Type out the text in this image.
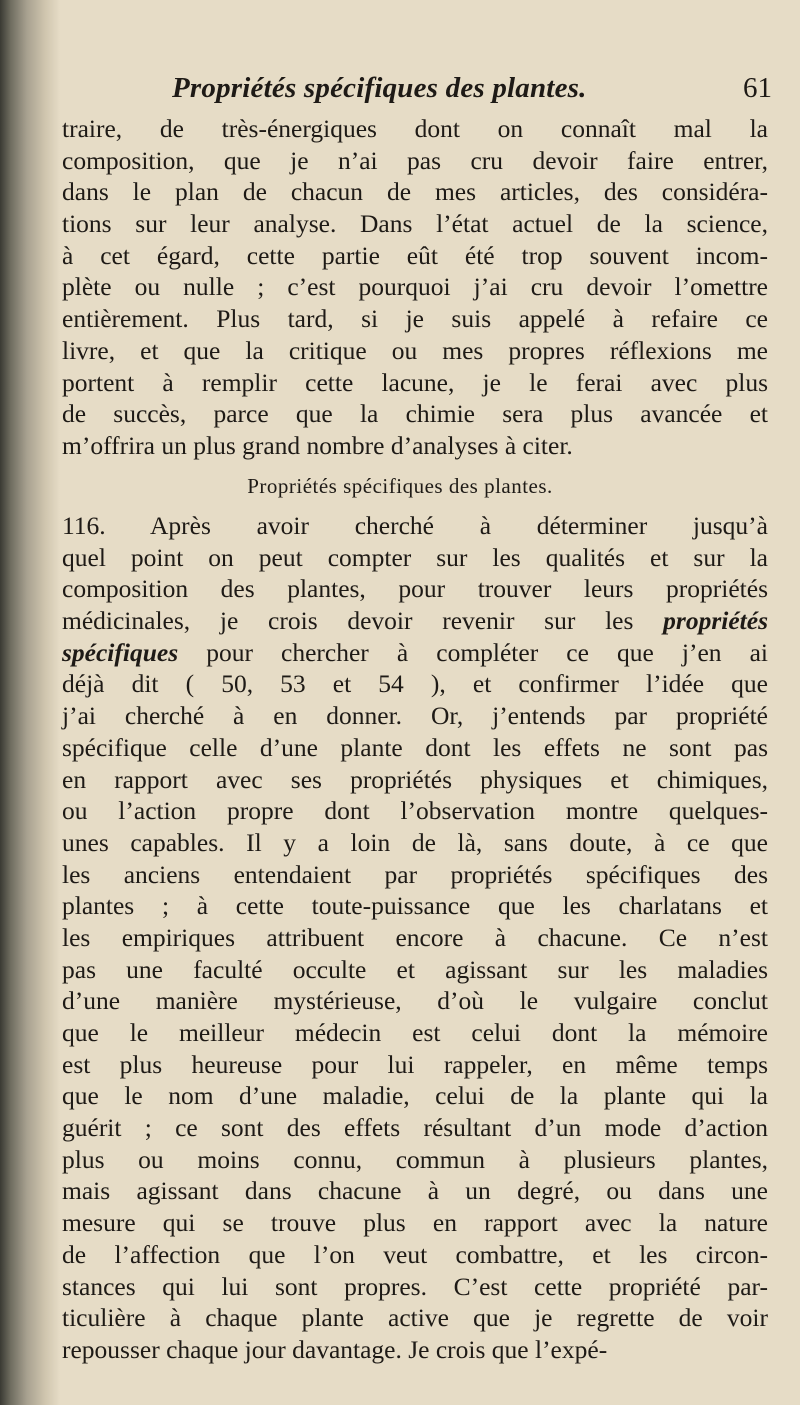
Propriétés spécifiques des plantes.	61
traire, de très-énergiques dont on connaît mal la
composition, que je n’ai pas cru devoir faire entrer,
dans le plan de chacun de mes articles, des considéra-
tions sur leur analyse. Dans l’état actuel de la science,
à cet égard, cette partie eût été trop souvent incom-
plète ou nulle ; c’est pourquoi j’ai cru devoir l’omettre
entièrement. Plus tard, si je suis appelé à refaire ce
livre, et que la critique ou mes propres réflexions me
portent à remplir cette lacune, je le ferai avec plus
de succès, parce que la chimie sera plus avancée et
m’offrira un plus grand nombre d’analyses à citer.
Propriétés spécifiques des plantes.
116. Après avoir cherché à déterminer jusqu’à
quel point on peut compter sur les qualités et sur la
composition des plantes, pour trouver leurs propriétés
médicinales, je crois devoir revenir sur les propriétés
spécifiques pour chercher à compléter ce que j’en ai
déjà dit ( 50, 53 et 54 ), et confirmer l’idée que
j’ai cherché à en donner. Or, j’entends par propriété
spécifique celle d’une plante dont les effets ne sont pas
en rapport avec ses propriétés physiques et chimiques,
ou l’action propre dont l’observation montre quelques-
unes capables. Il y a loin de là, sans doute, à ce que
les anciens entendaient par propriétés spécifiques des
plantes ; à cette toute-puissance que les charlatans et
les empiriques attribuent encore à chacune. Ce n’est
pas une faculté occulte et agissant sur les maladies
d’une manière mystérieuse, d’où le vulgaire conclut
que le meilleur médecin est celui dont la mémoire
est plus heureuse pour lui rappeler, en même temps
que le nom d’une maladie, celui de la plante qui la
guérit ; ce sont des effets résultant d’un mode d’action
plus ou moins connu, commun à plusieurs plantes,
mais agissant dans chacune à un degré, ou dans une
mesure qui se trouve plus en rapport avec la nature
de l’affection que l’on veut combattre, et les circon-
stances qui lui sont propres. C’est cette propriété par-
ticulière à chaque plante active que je regrette de voir
repousser chaque jour davantage. Je crois que l’expé-
